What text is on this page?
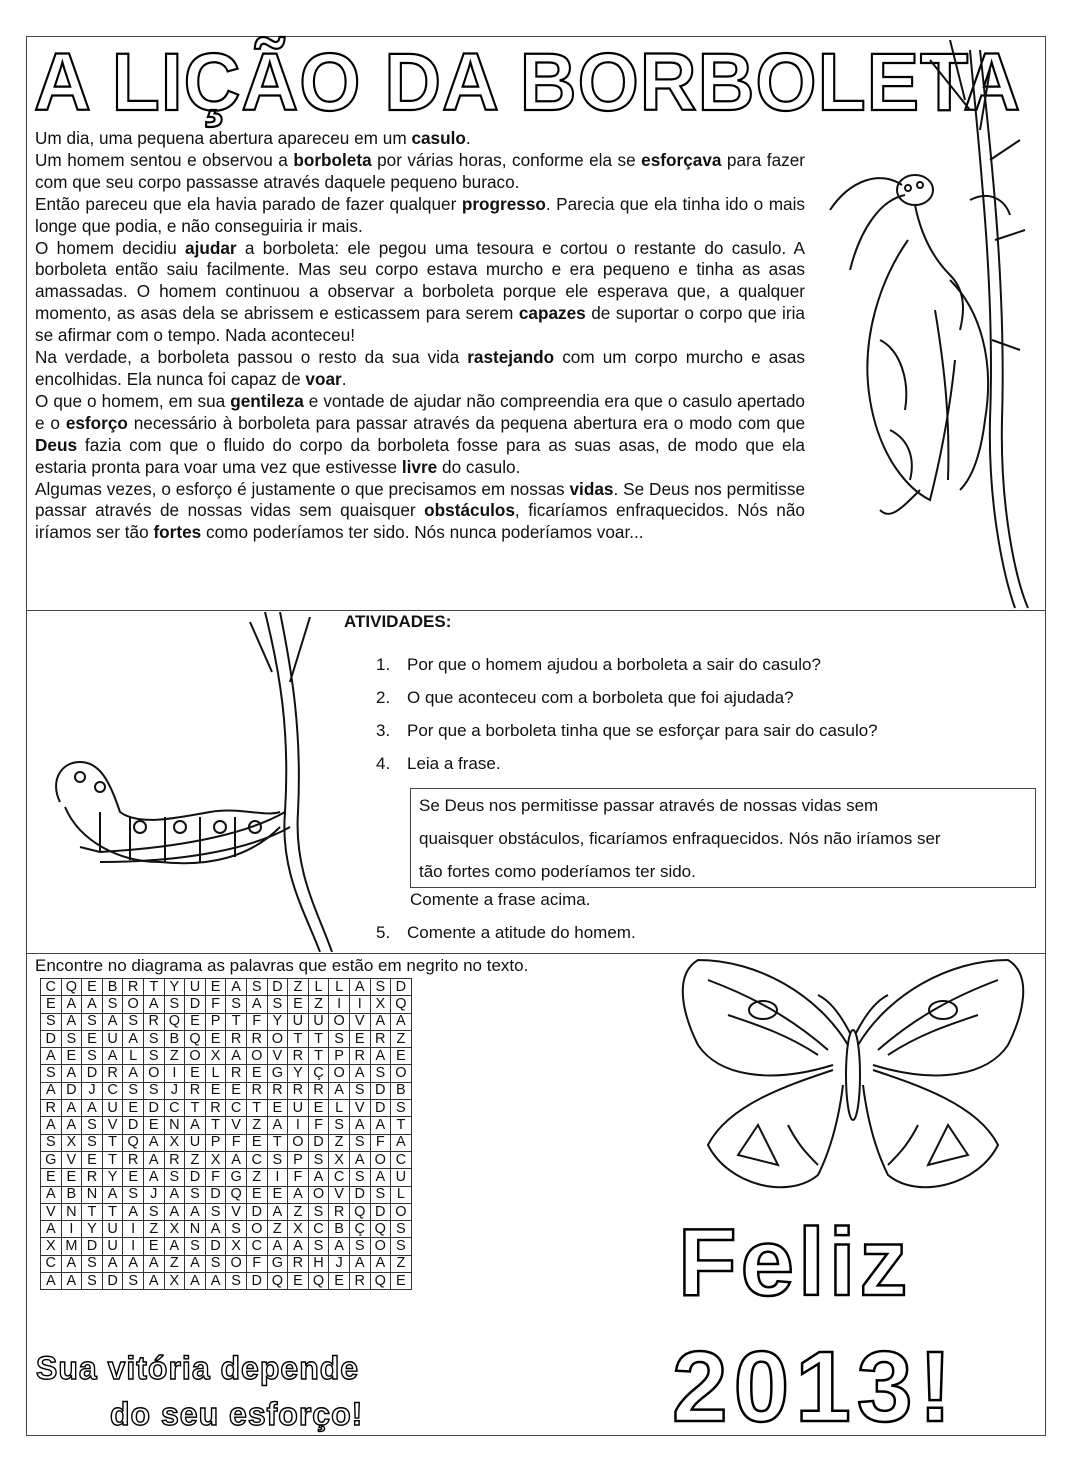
A LIÇÃO DA BORBOLETA

Um dia, uma pequena abertura apareceu em um casulo.

Um homem sentou e observou a borboleta por várias horas, conforme ela se esforçava para fazer com que seu corpo passasse através daquele pequeno buraco.

Então pareceu que ela havia parado de fazer qualquer progresso. Parecia que ela tinha ido o mais longe que podia, e não conseguiria ir mais.

O homem decidiu ajudar a borboleta: ele pegou uma tesoura e cortou o restante do casulo. A borboleta então saiu facilmente. Mas seu corpo estava murcho e era pequeno e tinha as asas amassadas. O homem continuou a observar a borboleta porque ele esperava que, a qualquer momento, as asas dela se abrissem e esticassem para serem capazes de suportar o corpo que iria se afirmar com o tempo. Nada aconteceu!

Na verdade, a borboleta passou o resto da sua vida rastejando com um corpo murcho e asas encolhidas. Ela nunca foi capaz de voar.

O que o homem, em sua gentileza e vontade de ajudar não compreendia era que o casulo apertado e o esforço necessário à borboleta para passar através da pequena abertura era o modo com que Deus fazia com que o fluido do corpo da borboleta fosse para as suas asas, de modo que ela estaria pronta para voar uma vez que estivesse livre do casulo.

Algumas vezes, o esforço é justamente o que precisamos em nossas vidas. Se Deus nos permitisse passar através de nossas vidas sem quaisquer obstáculos, ficaríamos enfraquecidos. Nós não iríamos ser tão fortes como poderíamos ter sido. Nós nunca poderíamos voar...

ATIVIDADES:
1. Por que o homem ajudou a borboleta a sair do casulo?
2. O que aconteceu com a borboleta que foi ajudada?
3. Por que a borboleta tinha que se esforçar para sair do casulo?
4. Leia a frase.
Se Deus nos permitisse passar através de nossas vidas sem
quaisquer obstáculos, ficaríamos enfraquecidos. Nós não iríamos ser
tão fortes como poderíamos ter sido.
Comente a frase acima.
5. Comente a atitude do homem.
Encontre no diagrama as palavras que estão em negrito no texto.
C	Q	E	B	R	T	Y	U	E	A	S	D	Z	L	L	A	S	D
E	A	A	S	O	A	S	D	F	S	A	S	E	Z	I	I	X	Q
S	A	S	A	S	R	Q	E	P	T	F	Y	U	U	O	V	A	A
D	S	E	U	A	S	B	Q	E	R	R	O	T	T	S	E	R	Z
A	E	S	A	L	S	Z	O	X	A	O	V	R	T	P	R	A	E
S	A	D	R	A	O	I	E	L	R	E	G	Y	Ç	O	A	S	O
A	D	J	C	S	S	J	R	E	E	R	R	R	R	A	S	D	B
R	A	A	U	E	D	C	T	R	C	T	E	U	E	L	V	D	S
A	A	S	V	D	E	N	A	T	V	Z	A	I	F	S	A	A	T
S	X	S	T	Q	A	X	U	P	F	E	T	O	D	Z	S	F	A
G	V	E	T	R	A	R	Z	X	A	C	S	P	S	X	A	O	C
E	E	R	Y	E	A	S	D	F	G	Z	I	F	A	C	S	A	U
A	B	N	A	S	J	A	S	D	Q	E	E	A	O	V	D	S	L
V	N	T	T	A	S	A	A	S	V	D	A	Z	S	R	Q	D	O
A	I	Y	U	I	Z	X	N	A	S	O	Z	X	C	B	Ç	Q	S
X	M	D	U	I	E	A	S	D	X	C	A	A	S	A	S	O	S
C	A	S	A	A	A	Z	A	S	O	F	G	R	H	J	A	A	Z
A	A	S	D	S	A	X	A	A	S	D	Q	E	Q	E	R	Q	E
Sua vitória depende
do seu esforço!
Feliz
2013!
